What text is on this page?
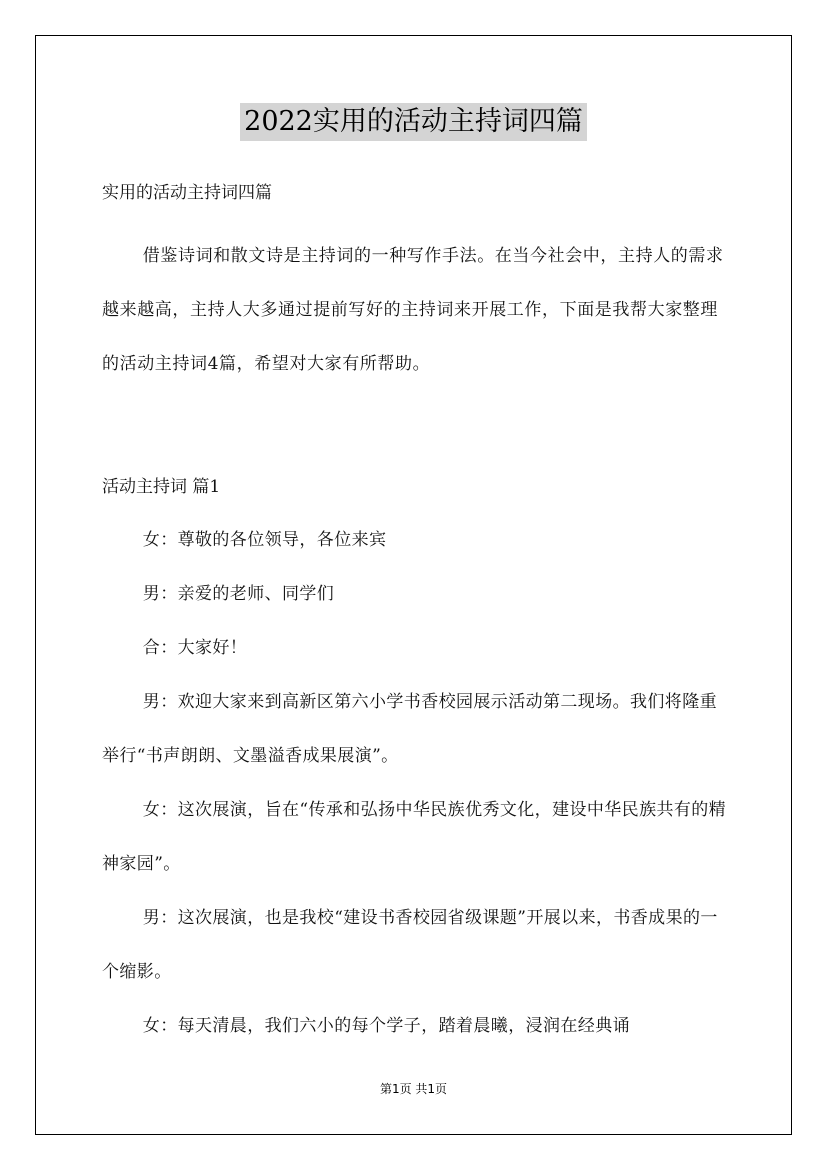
2022实用的活动主持词四篇

实用的活动主持词四篇

借鉴诗词和散文诗是主持词的一种写作手法。在当今社会中，主持人的需求越来越高，主持人大多通过提前写好的主持词来开展工作，下面是我帮大家整理的活动主持词4篇，希望对大家有所帮助。

活动主持词 篇1

女：尊敬的各位领导，各位来宾

男：亲爱的老师、同学们

合：大家好！

男：欢迎大家来到高新区第六小学书香校园展示活动第二现场。我们将隆重举行“书声朗朗、文墨溢香成果展演”。

女：这次展演，旨在“传承和弘扬中华民族优秀文化，建设中华民族共有的精神家园”。

男：这次展演，也是我校“建设书香校园省级课题”开展以来，书香成果的一个缩影。

女：每天清晨，我们六小的每个学子，踏着晨曦，浸润在经典诵

第1页 共1页
